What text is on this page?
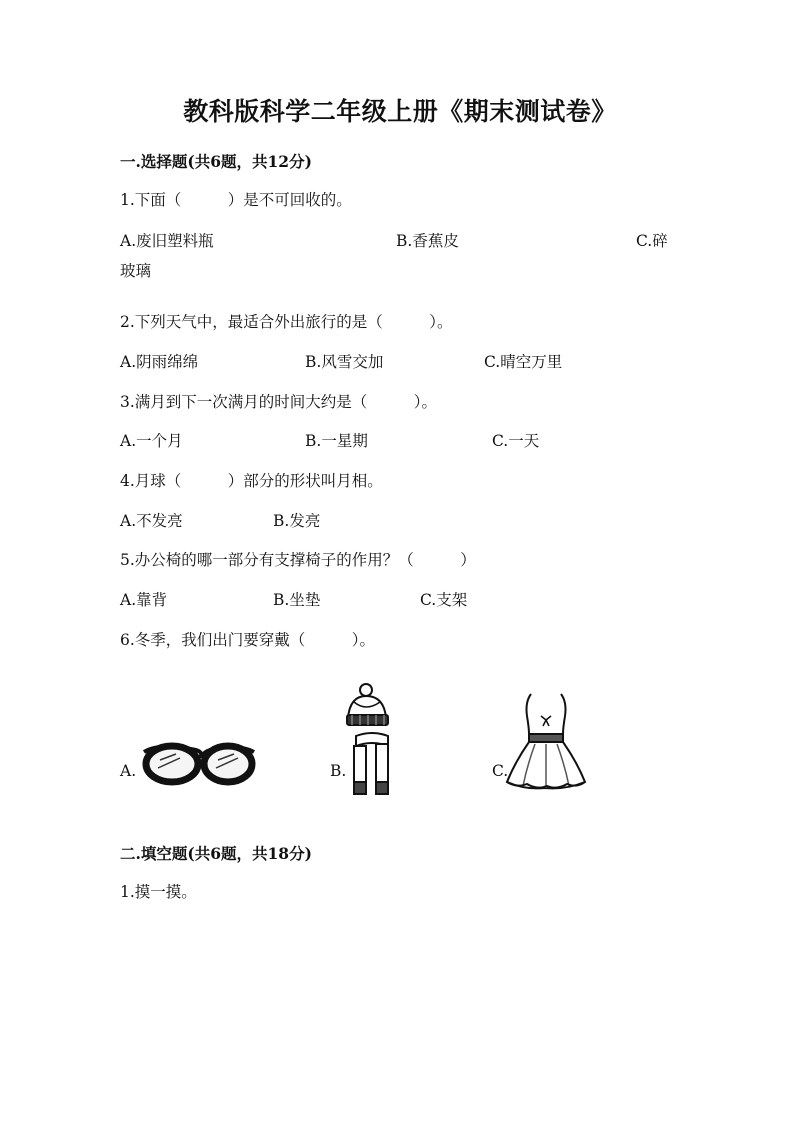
教科版科学二年级上册《期末测试卷》
一.选择题(共6题，共12分)
1.下面（　　　）是不可回收的。
A.废旧塑料瓶	B.香蕉皮	C.碎
玻璃
2.下列天气中，最适合外出旅行的是（　　　）。
A.阴雨绵绵	B.风雪交加	C.晴空万里
3.满月到下一次满月的时间大约是（　　　）。
A.一个月	B.一星期	C.一天
4.月球（　　　）部分的形状叫月相。
A.不发亮	B.发亮
5.办公椅的哪一部分有支撑椅子的作用？（　　　）
A.靠背	B.坐垫	C.支架
6.冬季，我们出门要穿戴（　　　）。
A.	B.	C.
二.填空题(共6题，共18分)
1.摸一摸。
